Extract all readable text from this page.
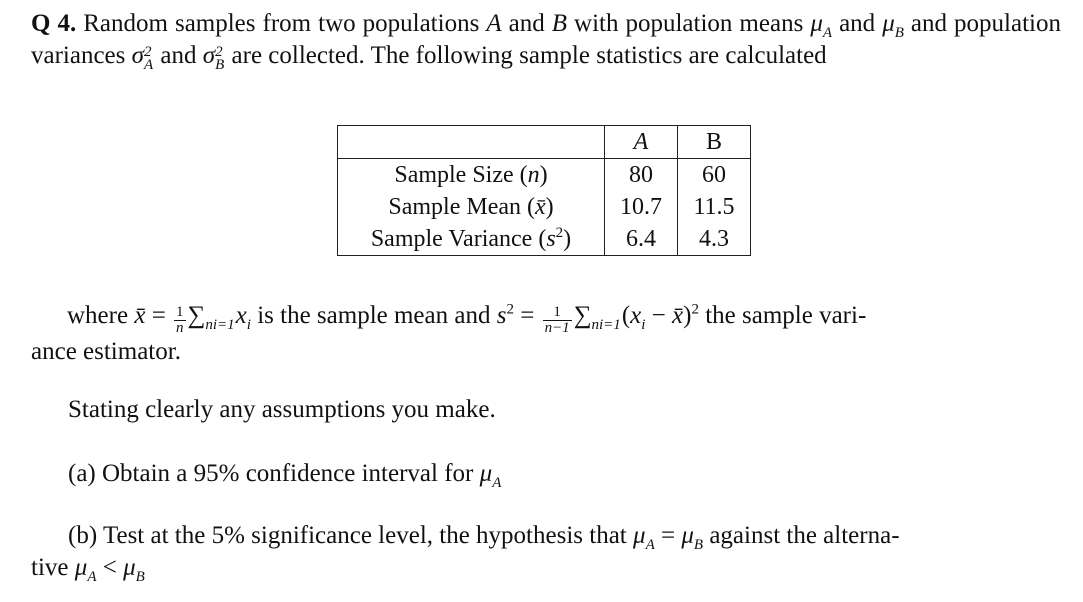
Q 4. Random samples from two populations A and B with population means $\mu_A$ and $\mu_B$ and population variances σ 2
A and σ 2
B are collected. The following sample statistics are calculated

	A	B
Sample Size (n)	80	60
Sample Mean (x̄)	10.7	11.5
Sample Variance $(s^2)$	6.4	4.3

where x̄ = $\frac{1}{n} \sum ni=1x_i$ is the sample mean and $s^2 = \frac{1}{n-1} \sum ni=1(x_i$ − x̄)$^2$ the sample vari-
ance estimator.

Stating clearly any assumptions you make.

(a) Obtain a 95% confidence interval for $\mu_A$

(b) Test at the 5% significance level, the hypothesis that $\mu_A = \mu_B$ against the alterna-
tive $\mu_A < \mu_B$
